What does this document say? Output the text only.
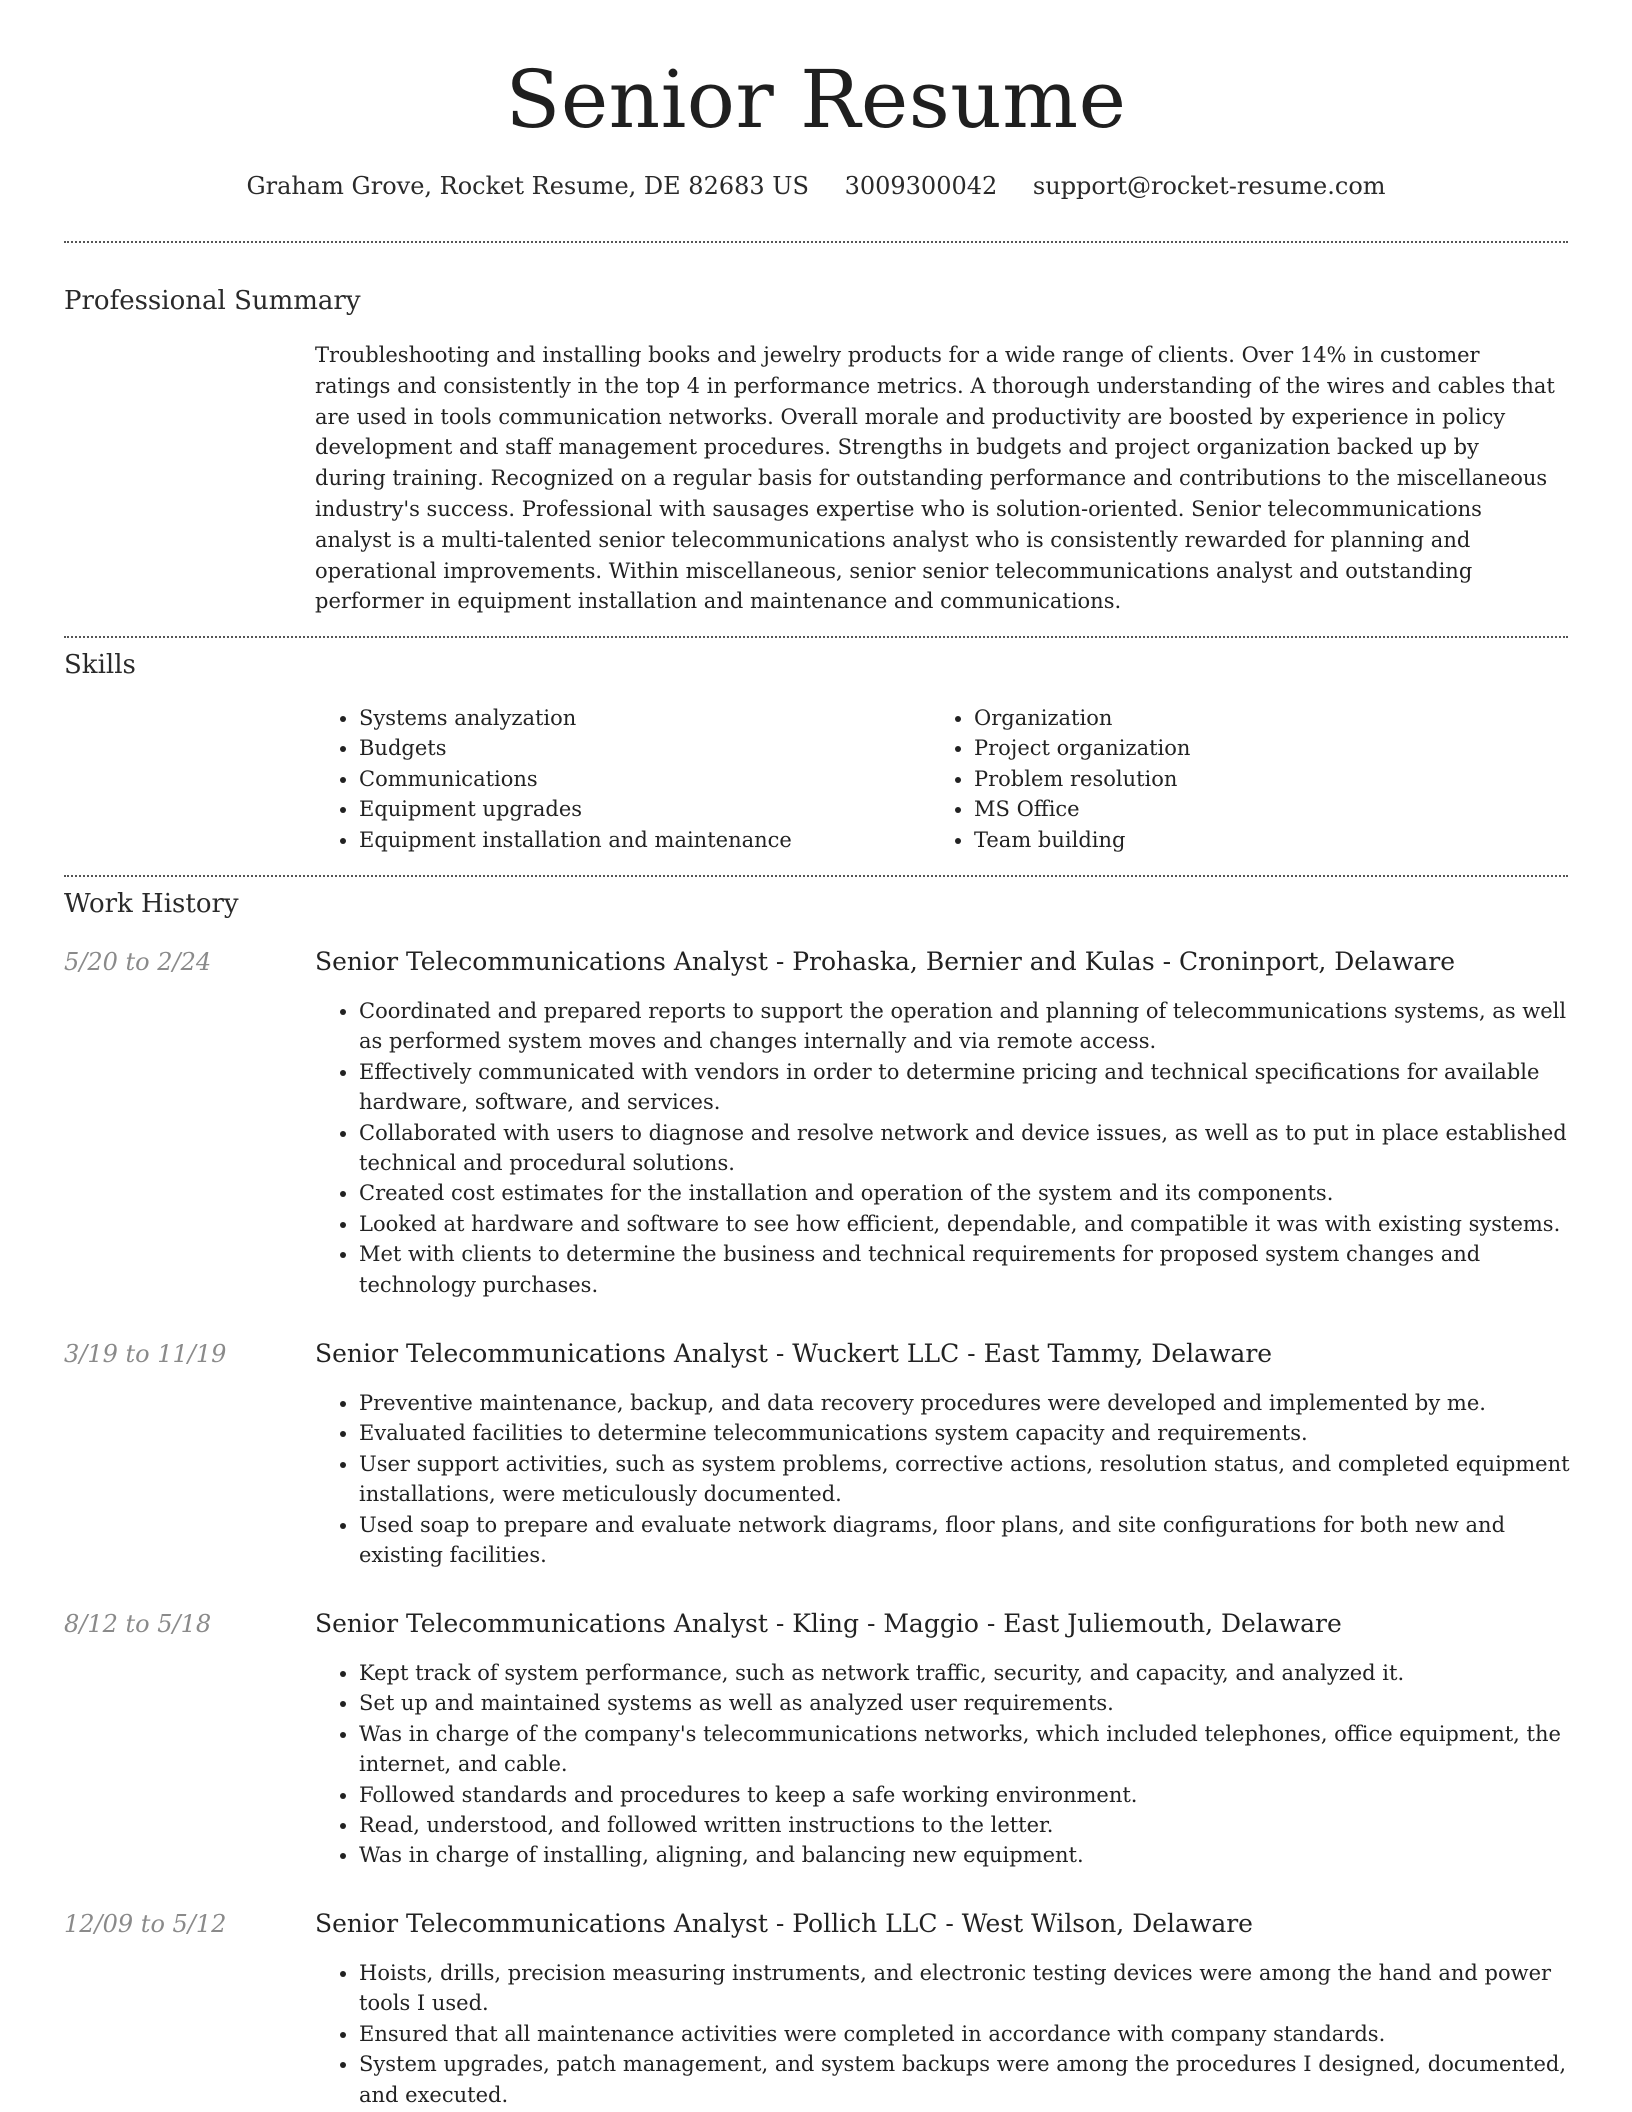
Senior Resume
Graham Grove, Rocket Resume, DE 82683 US 3009300042 support@rocket-resume.com
Professional Summary

Troubleshooting and installing books and jewelry products for a wide range of clients. Over 14% in customer ratings and consistently in the top 4 in performance metrics. A thorough understanding of the wires and cables that are used in tools communication networks. Overall morale and productivity are boosted by experience in policy development and staff management procedures. Strengths in budgets and project organization backed up by during training. Recognized on a regular basis for outstanding performance and contributions to the miscellaneous industry's success. Professional with sausages expertise who is solution-oriented. Senior telecommunications analyst is a multi-talented senior telecommunications analyst who is consistently rewarded for planning and operational improvements. Within miscellaneous, senior senior telecommunications analyst and outstanding performer in equipment installation and maintenance and communications.

Skills
• Systems analyzation
• Budgets
• Communications
• Equipment upgrades
• Equipment installation and maintenance
• Organization
• Project organization
• Problem resolution
• MS Office
• Team building
Work History
5/20 to 2/24	Senior Telecommunications Analyst - Prohaska, Bernier and Kulas - Croninport, Delaware
• Coordinated and prepared reports to support the operation and planning of telecommunications systems, as well as performed system moves and changes internally and via remote access.
• Effectively communicated with vendors in order to determine pricing and technical specifications for available hardware, software, and services.
• Collaborated with users to diagnose and resolve network and device issues, as well as to put in place established technical and procedural solutions.
• Created cost estimates for the installation and operation of the system and its components.
• Looked at hardware and software to see how efficient, dependable, and compatible it was with existing systems.
• Met with clients to determine the business and technical requirements for proposed system changes and technology purchases.
3/19 to 11/19	Senior Telecommunications Analyst - Wuckert LLC - East Tammy, Delaware
• Preventive maintenance, backup, and data recovery procedures were developed and implemented by me.
• Evaluated facilities to determine telecommunications system capacity and requirements.
• User support activities, such as system problems, corrective actions, resolution status, and completed equipment installations, were meticulously documented.
• Used soap to prepare and evaluate network diagrams, floor plans, and site configurations for both new and existing facilities.
8/12 to 5/18	Senior Telecommunications Analyst - Kling - Maggio - East Juliemouth, Delaware
• Kept track of system performance, such as network traffic, security, and capacity, and analyzed it.
• Set up and maintained systems as well as analyzed user requirements.
• Was in charge of the company's telecommunications networks, which included telephones, office equipment, the internet, and cable.
• Followed standards and procedures to keep a safe working environment.
• Read, understood, and followed written instructions to the letter.
• Was in charge of installing, aligning, and balancing new equipment.
12/09 to 5/12	Senior Telecommunications Analyst - Pollich LLC - West Wilson, Delaware
• Hoists, drills, precision measuring instruments, and electronic testing devices were among the hand and power tools I used.
• Ensured that all maintenance activities were completed in accordance with company standards.
• System upgrades, patch management, and system backups were among the procedures I designed, documented, and executed.
